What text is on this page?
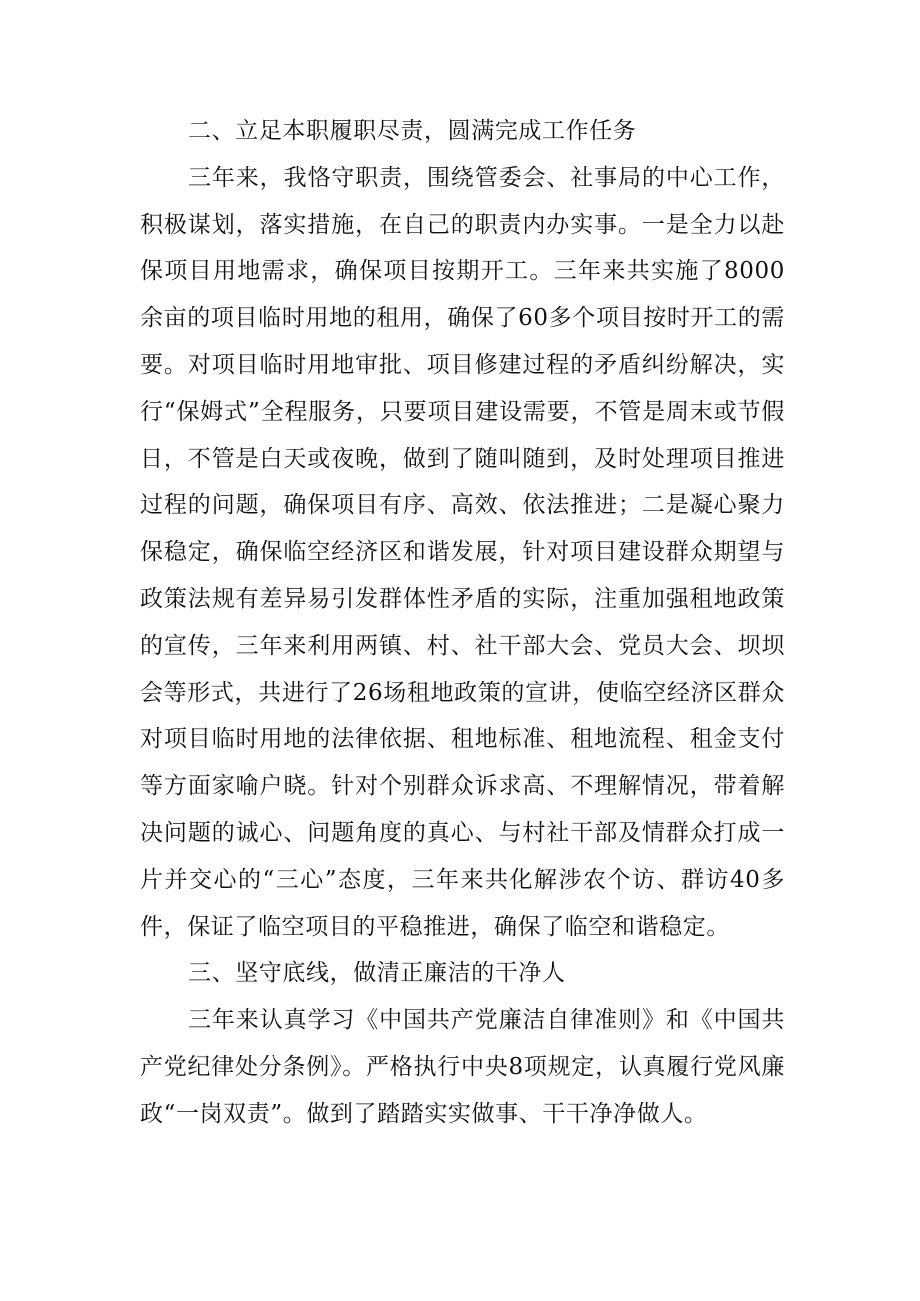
二、立足本职履职尽责，圆满完成工作任务

三年来，我恪守职责，围绕管委会、社事局的中心工作，积极谋划，落实措施，在自己的职责内办实事。一是全力以赴保项目用地需求，确保项目按期开工。三年来共实施了8000余亩的项目临时用地的租用，确保了60多个项目按时开工的需要。对项目临时用地审批、项目修建过程的矛盾纠纷解决，实行“保姆式”全程服务，只要项目建设需要，不管是周末或节假日，不管是白天或夜晚，做到了随叫随到，及时处理项目推进过程的问题，确保项目有序、高效、依法推进；二是凝心聚力保稳定，确保临空经济区和谐发展，针对项目建设群众期望与政策法规有差异易引发群体性矛盾的实际，注重加强租地政策的宣传，三年来利用两镇、村、社干部大会、党员大会、坝坝会等形式，共进行了26场租地政策的宣讲，使临空经济区群众对项目临时用地的法律依据、租地标准、租地流程、租金支付等方面家喻户晓。针对个别群众诉求高、不理解情况，带着解决问题的诚心、问题角度的真心、与村社干部及情群众打成一片并交心的“三心”态度，三年来共化解涉农个访、群访40多件，保证了临空项目的平稳推进，确保了临空和谐稳定。

三、坚守底线，做清正廉洁的干净人

三年来认真学习《中国共产党廉洁自律准则》和《中国共产党纪律处分条例》。严格执行中央8项规定，认真履行党风廉政“一岗双责”。做到了踏踏实实做事、干干净净做人。
